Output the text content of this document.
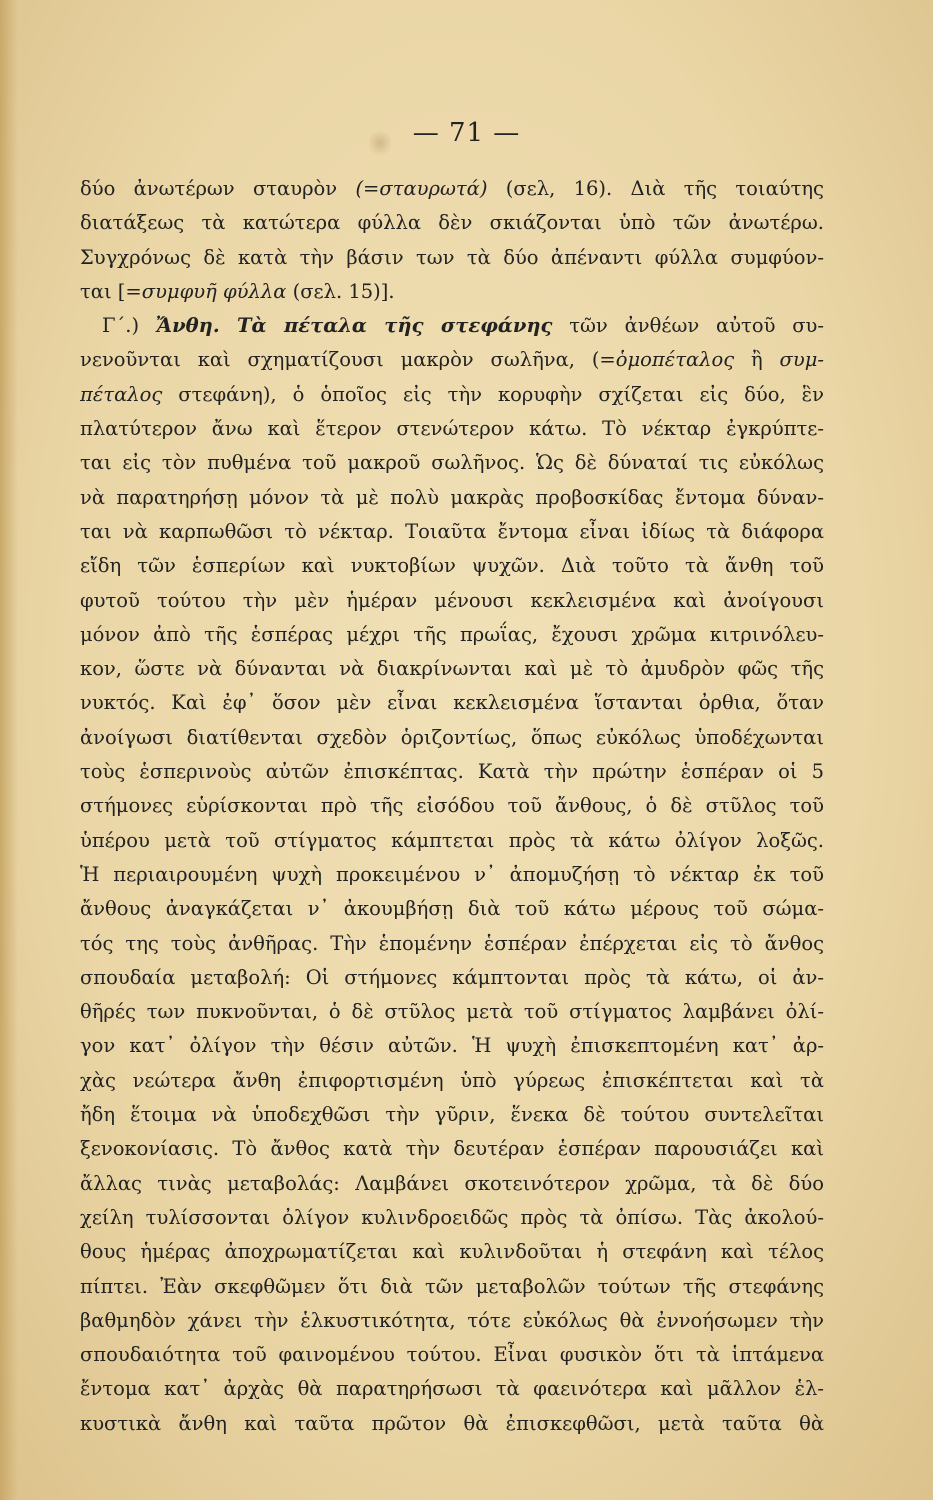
— 71 —
δύο ἀνωτέρων σταυρὸν (=σταυρωτά) (σελ, 16). Διὰ τῆς τοιαύτης
διατάξεως τὰ κατώτερα φύλλα δὲν σκιάζονται ὑπὸ τῶν ἀνωτέρω.
Συγχρόνως δὲ κατὰ τὴν βάσιν των τὰ δύο ἀπέναντι φύλλα συμφύον-
ται [=συμφυῆ φύλλα (σελ. 15)].
Γ΄.) Ἄνθη. Τὰ πέταλα τῆς στεφάνης τῶν ἀνθέων αὐτοῦ συ-
νενοῦνται καὶ σχηματίζουσι μακρὸν σωλῆνα, (=ὁμοπέταλος ἢ συμ-
πέταλος στεφάνη), ὁ ὁποῖος εἰς τὴν κορυφὴν σχίζεται εἰς δύο, ἓν
πλατύτερον ἄνω καὶ ἕτερον στενώτερον κάτω. Τὸ νέκταρ ἐγκρύπτε-
ται εἰς τὸν πυθμένα τοῦ μακροῦ σωλῆνος. Ὡς δὲ δύναταί τις εὐκόλως
νὰ παρατηρήσῃ μόνον τὰ μὲ πολὺ μακρὰς προβοσκίδας ἔντομα δύναν-
ται νὰ καρπωθῶσι τὸ νέκταρ. Τοιαῦτα ἔντομα εἶναι ἰδίως τὰ διάφορα
εἴδη τῶν ἑσπερίων καὶ νυκτοβίων ψυχῶν. Διὰ τοῦτο τὰ ἄνθη τοῦ
φυτοῦ τούτου τὴν μὲν ἡμέραν μένουσι κεκλεισμένα καὶ ἀνοίγουσι
μόνον ἀπὸ τῆς ἑσπέρας μέχρι τῆς πρωΐας, ἔχουσι χρῶμα κιτρινόλευ-
κον, ὥστε νὰ δύνανται νὰ διακρίνωνται καὶ μὲ τὸ ἀμυδρὸν φῶς τῆς
νυκτός. Καὶ ἐφ᾽ ὅσον μὲν εἶναι κεκλεισμένα ἵστανται ὀρθια, ὅταν
ἀνοίγωσι διατίθενται σχεδὸν ὁριζοντίως, ὅπως εὐκόλως ὑποδέχωνται
τοὺς ἑσπερινοὺς αὐτῶν ἐπισκέπτας. Κατὰ τὴν πρώτην ἑσπέραν οἱ 5
στήμονες εὑρίσκονται πρὸ τῆς εἰσόδου τοῦ ἄνθους, ὁ δὲ στῦλος τοῦ
ὑπέρου μετὰ τοῦ στίγματος κάμπτεται πρὸς τὰ κάτω ὀλίγον λοξῶς.
Ἡ περιαιρουμένη ψυχὴ προκειμένου ν᾽ ἀπομυζήσῃ τὸ νέκταρ ἐκ τοῦ
ἄνθους ἀναγκάζεται ν᾽ ἀκουμβήσῃ διὰ τοῦ κάτω μέρους τοῦ σώμα-
τός της τοὺς ἀνθῆρας. Τὴν ἑπομένην ἑσπέραν ἐπέρχεται εἰς τὸ ἄνθος
σπουδαία μεταβολή: Οἱ στήμονες κάμπτονται πρὸς τὰ κάτω, οἱ ἀν-
θῆρές των πυκνοῦνται, ὁ δὲ στῦλος μετὰ τοῦ στίγματος λαμβάνει ὀλί-
γον κατ᾽ ὀλίγον τὴν θέσιν αὐτῶν. Ἡ ψυχὴ ἐπισκεπτομένη κατ᾽ ἀρ-
χὰς νεώτερα ἄνθη ἐπιφορτισμένη ὑπὸ γύρεως ἐπισκέπτεται καὶ τὰ
ἤδη ἕτοιμα νὰ ὑποδεχθῶσι τὴν γῦριν, ἕνεκα δὲ τούτου συντελεῖται
ξενοκονίασις. Τὸ ἄνθος κατὰ τὴν δευτέραν ἑσπέραν παρουσιάζει καὶ
ἄλλας τινὰς μεταβολάς: Λαμβάνει σκοτεινότερον χρῶμα, τὰ δὲ δύο
χείλη τυλίσσονται ὀλίγον κυλινδροειδῶς πρὸς τὰ ὀπίσω. Τὰς ἀκολού-
θους ἡμέρας ἀποχρωματίζεται καὶ κυλινδοῦται ἡ στεφάνη καὶ τέλος
πίπτει. Ἐὰν σκεφθῶμεν ὅτι διὰ τῶν μεταβολῶν τούτων τῆς στεφάνης
βαθμηδὸν χάνει τὴν ἑλκυστικότητα, τότε εὐκόλως θὰ ἐννοήσωμεν τὴν
σπουδαιότητα τοῦ φαινομένου τούτου. Εἶναι φυσικὸν ὅτι τὰ ἱπτάμενα
ἔντομα κατ᾽ ἀρχὰς θὰ παρατηρήσωσι τὰ φαεινότερα καὶ μᾶλλον ἑλ-
κυστικὰ ἄνθη καὶ ταῦτα πρῶτον θὰ ἐπισκεφθῶσι, μετὰ ταῦτα θὰ
